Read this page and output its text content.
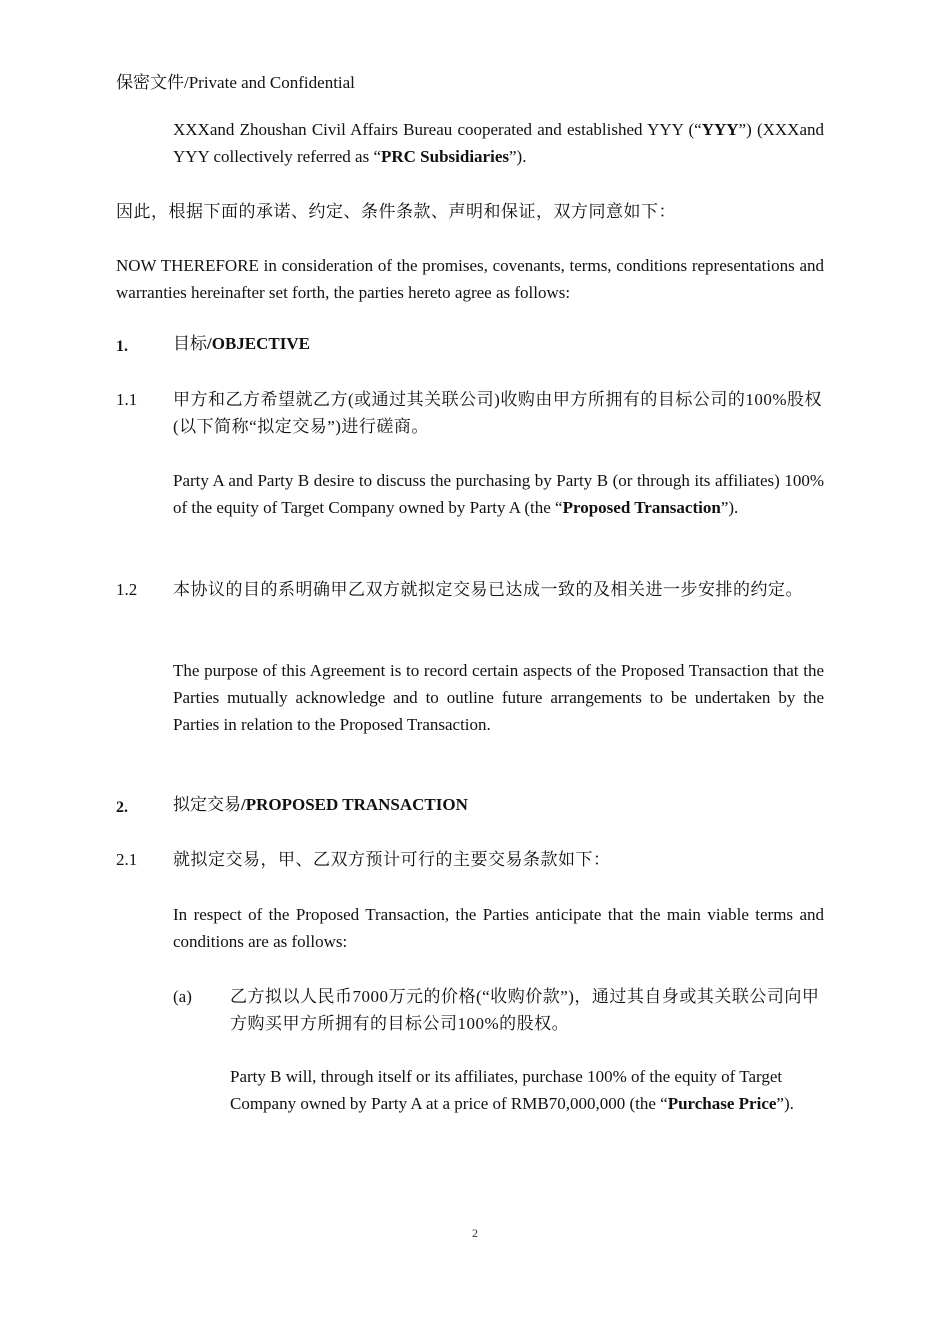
保密文件/Private and Confidential
XXXand Zhoushan Civil Affairs Bureau cooperated and established YYY (“YYY”) (XXXand YYY collectively referred as “PRC Subsidiaries”).
因此，根据下面的承诺、约定、条件条款、声明和保证，双方同意如下：
NOW THEREFORE in consideration of the promises, covenants, terms, conditions representations and warranties hereinafter set forth, the parties hereto agree as follows:
1.	目标/OBJECTIVE
1.1 甲方和乙方希望就乙方(或通过其关联公司)收购由甲方所拥有的目标公司的100%股权(以下简称“拟定交易”)进行磋商。
Party A and Party B desire to discuss the purchasing by Party B (or through its affiliates) 100% of the equity of Target Company owned by Party A (the “Proposed Transaction”).
1.2 本协议的目的系明确甲乙双方就拟定交易已达成一致的及相关进一步安排的约定。
The purpose of this Agreement is to record certain aspects of the Proposed Transaction that the Parties mutually acknowledge and to outline future arrangements to be undertaken by the Parties in relation to the Proposed Transaction.
2.	拟定交易/PROPOSED TRANSACTION
2.1 就拟定交易，甲、乙双方预计可行的主要交易条款如下：
In respect of the Proposed Transaction, the Parties anticipate that the main viable terms and conditions are as follows:
(a) 乙方拟以人民币7000万元的价格(“收购价款”)，通过其自身或其关联公司向甲方购买甲方所拥有的目标公司100%的股权。
Party B will, through itself or its affiliates, purchase 100% of the equity of Target Company owned by Party A at a price of RMB70,000,000 (the “Purchase Price”).
2
